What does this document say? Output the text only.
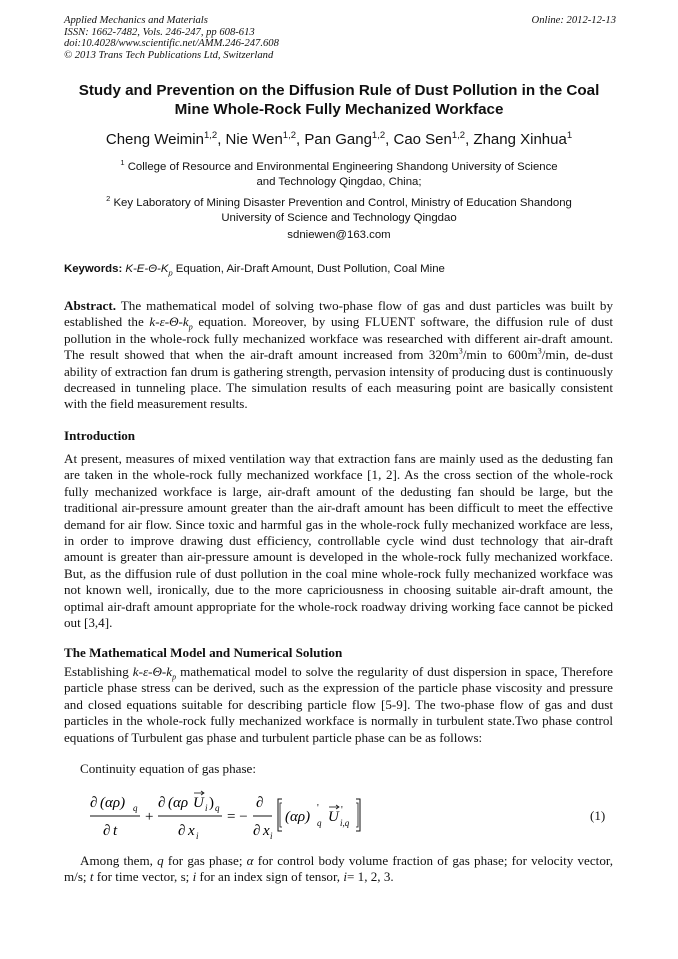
Applied Mechanics and Materials
ISSN: 1662-7482, Vols. 246-247, pp 608-613
doi:10.4028/www.scientific.net/AMM.246-247.608
© 2013 Trans Tech Publications Ltd, Switzerland
Online: 2012-12-13
Study and Prevention on the Diffusion Rule of Dust Pollution in the Coal
Mine Whole-Rock Fully Mechanized Workface
Cheng Weimin$^{1,2}$, Nie Wen$^{1,2}$, Pan Gang$^{1,2}$, Cao Sen$^{1,2}$, Zhang Xinhua$^1$
$^1$ College of Resource and Environmental Engineering Shandong University of Science
and Technology Qingdao, China;
$^2$ Key Laboratory of Mining Disaster Prevention and Control, Ministry of Education Shandong
University of Science and Technology Qingdao
sdniewen@163.com
Keywords: $K-E-\Theta-K_p$ Equation, Air-Draft Amount, Dust Pollution, Coal Mine
Abstract. The mathematical model of solving two-phase flow of gas and dust particles was built by established the $k-\varepsilon-\Theta-k_p$ equation. Moreover, by using FLUENT software, the diffusion rule of dust pollution in the whole-rock fully mechanized workface was researched with different air-draft amount. The result showed that when the air-draft amount increased from $320m^3/\min$ to $600m^3/\min$, de-dust ability of extraction fan drum is gathering strength, pervasion intensity of producing dust is continuously decreased in tunneling place. The simulation results of each measuring point are basically consistent with the field measurement results.
Introduction
At present, measures of mixed ventilation way that extraction fans are mainly used as the dedusting fan are taken in the whole-rock fully mechanized workface [1, 2]. As the cross section of the whole-rock fully mechanized workface is large, air-draft amount of the dedusting fan should be large, but the traditional air-pressure amount greater than the air-draft amount has been difficult to meet the effective demand for air flow. Since toxic and harmful gas in the whole-rock fully mechanized workface are less, in order to improve drawing dust efficiency, controllable cycle wind dust technology that air-draft amount is greater than air-pressure amount is developed in the whole-rock fully mechanized workface. But, as the diffusion rule of dust pollution in the coal mine whole-rock fully mechanized workface was not known well, ironically, due to the more capriciousness in choosing suitable air-draft amount, the optimal air-draft amount appropriate for the whole-rock roadway driving working face cannot be picked out [3,4].
The Mathematical Model and Numerical Solution
Establishing $k-\varepsilon-\Theta-k_p$ mathematical model to solve the regularity of dust dispersion in space, Therefore particle phase stress can be derived, such as the expression of the particle phase viscosity and pressure and closed equations suitable for describing particle flow [5-9]. The two-phase flow of gas and dust particles in the whole-rock fully mechanized workface is normally in turbulent state.Two phase control equations of Turbulent gas phase and turbulent particle phase can be as follows:
Continuity equation of gas phase:
∂ (αρ) q
∂ t
+
∂ (αρ U i ) q
∂ x i
= −
∂
∂ x i
(αρ)
'
q U '
i,q	(1)
Among them, q for gas phase; α for control body volume fraction of gas phase; for velocity vector, m/s; t for time vector, s; i for an index sign of tensor, i= 1, 2, 3.
